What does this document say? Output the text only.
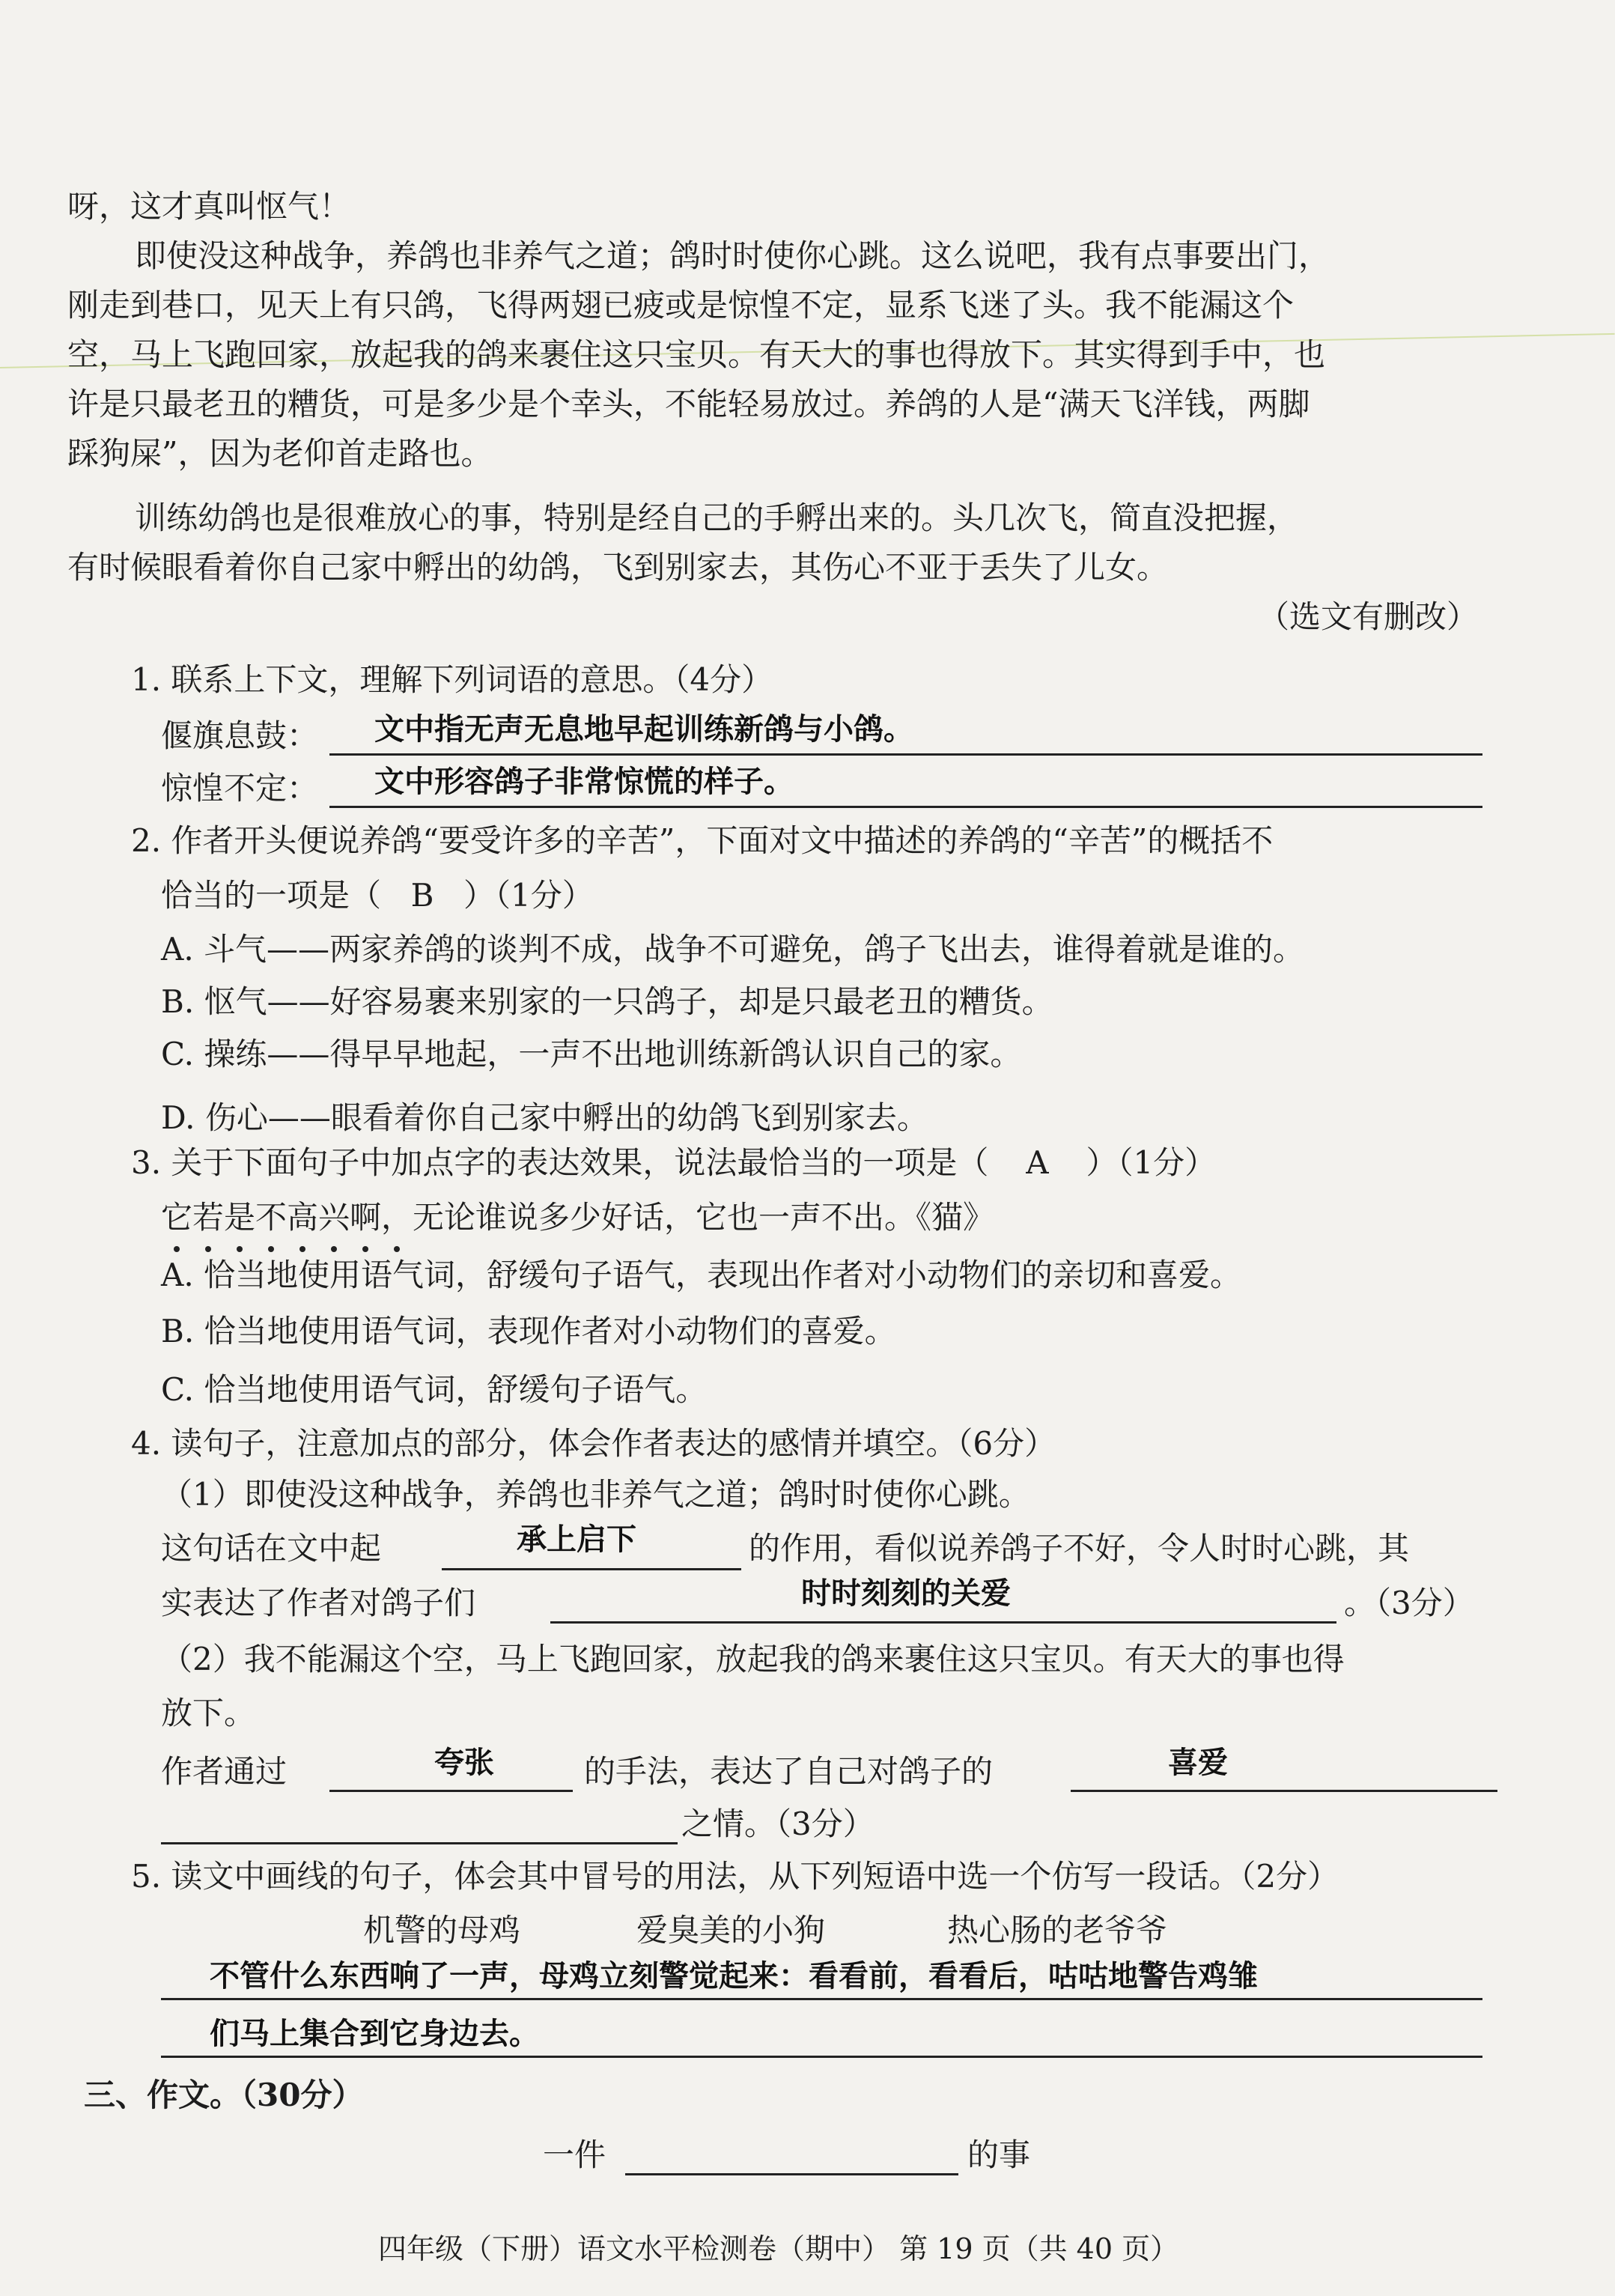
呀，这才真叫怄气！
即使没这种战争，养鸽也非养气之道；鸽时时使你心跳。这么说吧，我有点事要出门，
刚走到巷口，见天上有只鸽，飞得两翅已疲或是惊惶不定，显系飞迷了头。我不能漏这个
空，马上飞跑回家，放起我的鸽来裹住这只宝贝。有天大的事也得放下。其实得到手中，也
许是只最老丑的糟货，可是多少是个幸头，不能轻易放过。养鸽的人是“满天飞洋钱，两脚
踩狗屎”，因为老仰首走路也。
训练幼鸽也是很难放心的事，特别是经自己的手孵出来的。头几次飞，简直没把握，
有时候眼看着你自己家中孵出的幼鸽，飞到别家去，其伤心不亚于丢失了儿女。
（选文有删改）
1. 联系上下文，理解下列词语的意思。（4分）
偃旗息鼓： 文中指无声无息地早起训练新鸽与小鸽。
惊惶不定： 文中形容鸽子非常惊慌的样子。
2. 作者开头便说养鸽“要受许多的辛苦”，下面对文中描述的养鸽的“辛苦”的概括不
恰当的一项是（ B ）（1分）
A. 斗气——两家养鸽的谈判不成，战争不可避免，鸽子飞出去，谁得着就是谁的。
B. 怄气——好容易裹来别家的一只鸽子，却是只最老丑的糟货。
C. 操练——得早早地起，一声不出地训练新鸽认识自己的家。
D. 伤心——眼看着你自己家中孵出的幼鸽飞到别家去。
3. 关于下面句子中加点字的表达效果，说法最恰当的一项是（ A ）（1分）
它若是不高兴啊，无论谁说多少好话，它也一声不出。《猫》
A. 恰当地使用语气词，舒缓句子语气，表现出作者对小动物们的亲切和喜爱。
B. 恰当地使用语气词，表现作者对小动物们的喜爱。
C. 恰当地使用语气词，舒缓句子语气。
4. 读句子，注意加点的部分，体会作者表达的感情并填空。（6分）
（1）即使没这种战争，养鸽也非养气之道；鸽时时使你心跳。
这句话在文中起	承上启下	的作用，看似说养鸽子不好，令人时时心跳，其
实表达了作者对鸽子们	时时刻刻的关爱	。（3分）
（2）我不能漏这个空，马上飞跑回家，放起我的鸽来裹住这只宝贝。有天大的事也得
放下。
作者通过	夸张	的手法，表达了自己对鸽子的	喜爱
之情。（3分）
5. 读文中画线的句子，体会其中冒号的用法，从下列短语中选一个仿写一段话。（2分）
机警的母鸡	爱臭美的小狗	热心肠的老爷爷
不管什么东西响了一声，母鸡立刻警觉起来：看看前，看看后，咕咕地警告鸡雏
们马上集合到它身边去。
三、作文。（30分）
一件	的事
四年级（下册）语文水平检测卷（期中） 第 19 页（共 40 页）
